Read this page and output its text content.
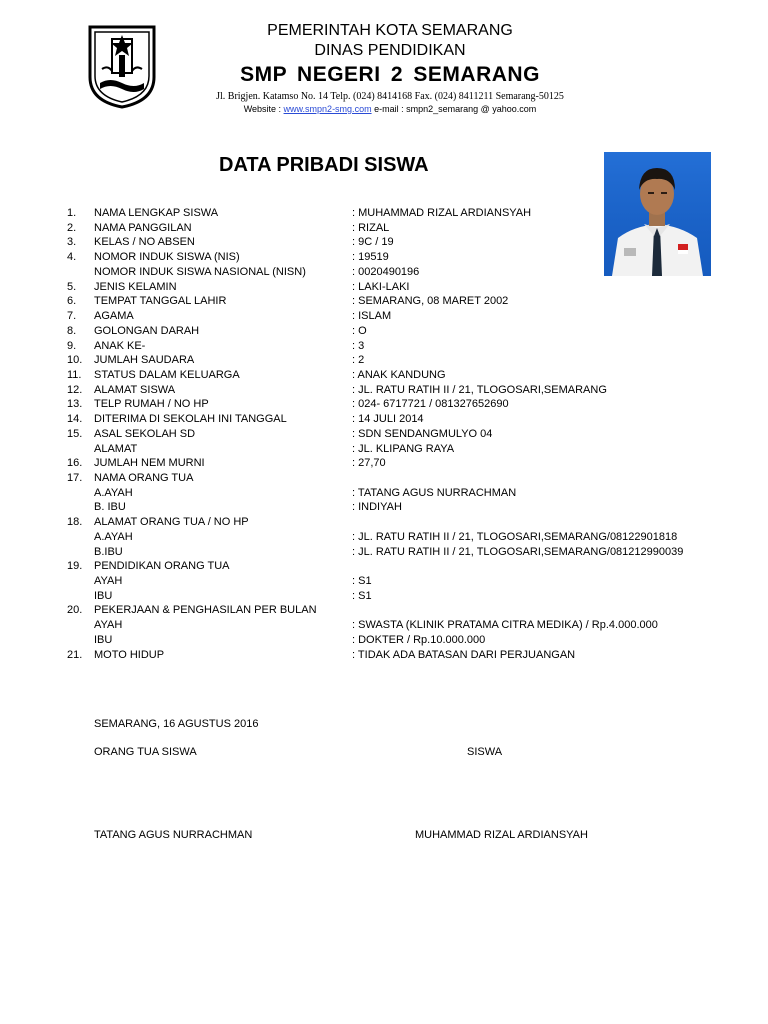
PEMERINTAH KOTA SEMARANG
DINAS PENDIDIKAN
SMP NEGERI 2 SEMARANG
Jl. Brigjen. Katamso No. 14 Telp. (024) 8414168 Fax. (024) 8411211 Semarang-50125
Website : www.smpn2-smg.com e-mail : smpn2_semarang @ yahoo.com
DATA PRIBADI SISWA
1. NAMA LENGKAP SISWA	: MUHAMMAD RIZAL ARDIANSYAH
2. NAMA PANGGILAN	: RIZAL
3. KELAS / NO ABSEN	: 9C / 19
4. NOMOR INDUK SISWA (NIS)	: 19519
NOMOR INDUK SISWA NASIONAL (NISN)	: 0020490196
5. JENIS KELAMIN	: LAKI-LAKI
6. TEMPAT TANGGAL LAHIR	: SEMARANG, 08 MARET 2002
7. AGAMA	: ISLAM
8. GOLONGAN DARAH	: O
9. ANAK KE-	: 3
10. JUMLAH SAUDARA	: 2
11. STATUS DALAM KELUARGA	: ANAK KANDUNG
12. ALAMAT SISWA	: JL. RATU RATIH II / 21, TLOGOSARI,SEMARANG
13. TELP RUMAH / NO HP	: 024- 6717721 / 081327652690
14. DITERIMA DI SEKOLAH INI TANGGAL	: 14 JULI 2014
15. ASAL SEKOLAH SD	: SDN SENDANGMULYO 04
ALAMAT	: JL. KLIPANG RAYA
16. JUMLAH NEM MURNI	: 27,70
17. NAMA ORANG TUA
A.AYAH	: TATANG AGUS NURRACHMAN
B. IBU	: INDIYAH
18. ALAMAT ORANG TUA / NO HP
A.AYAH	: JL. RATU RATIH II / 21, TLOGOSARI,SEMARANG/08122901818
B.IBU	: JL. RATU RATIH II / 21, TLOGOSARI,SEMARANG/081212990039
19. PENDIDIKAN ORANG TUA
AYAH	: S1
IBU	: S1
20. PEKERJAAN & PENGHASILAN PER BULAN
AYAH	: SWASTA (KLINIK PRATAMA CITRA MEDIKA) / Rp.4.000.000
IBU	: DOKTER / Rp.10.000.000
21. MOTO HIDUP	: TIDAK ADA BATASAN DARI PERJUANGAN
SEMARANG, 16 AGUSTUS 2016
ORANG TUA SISWA	SISWA
TATANG AGUS NURRACHMAN	MUHAMMAD RIZAL ARDIANSYAH
